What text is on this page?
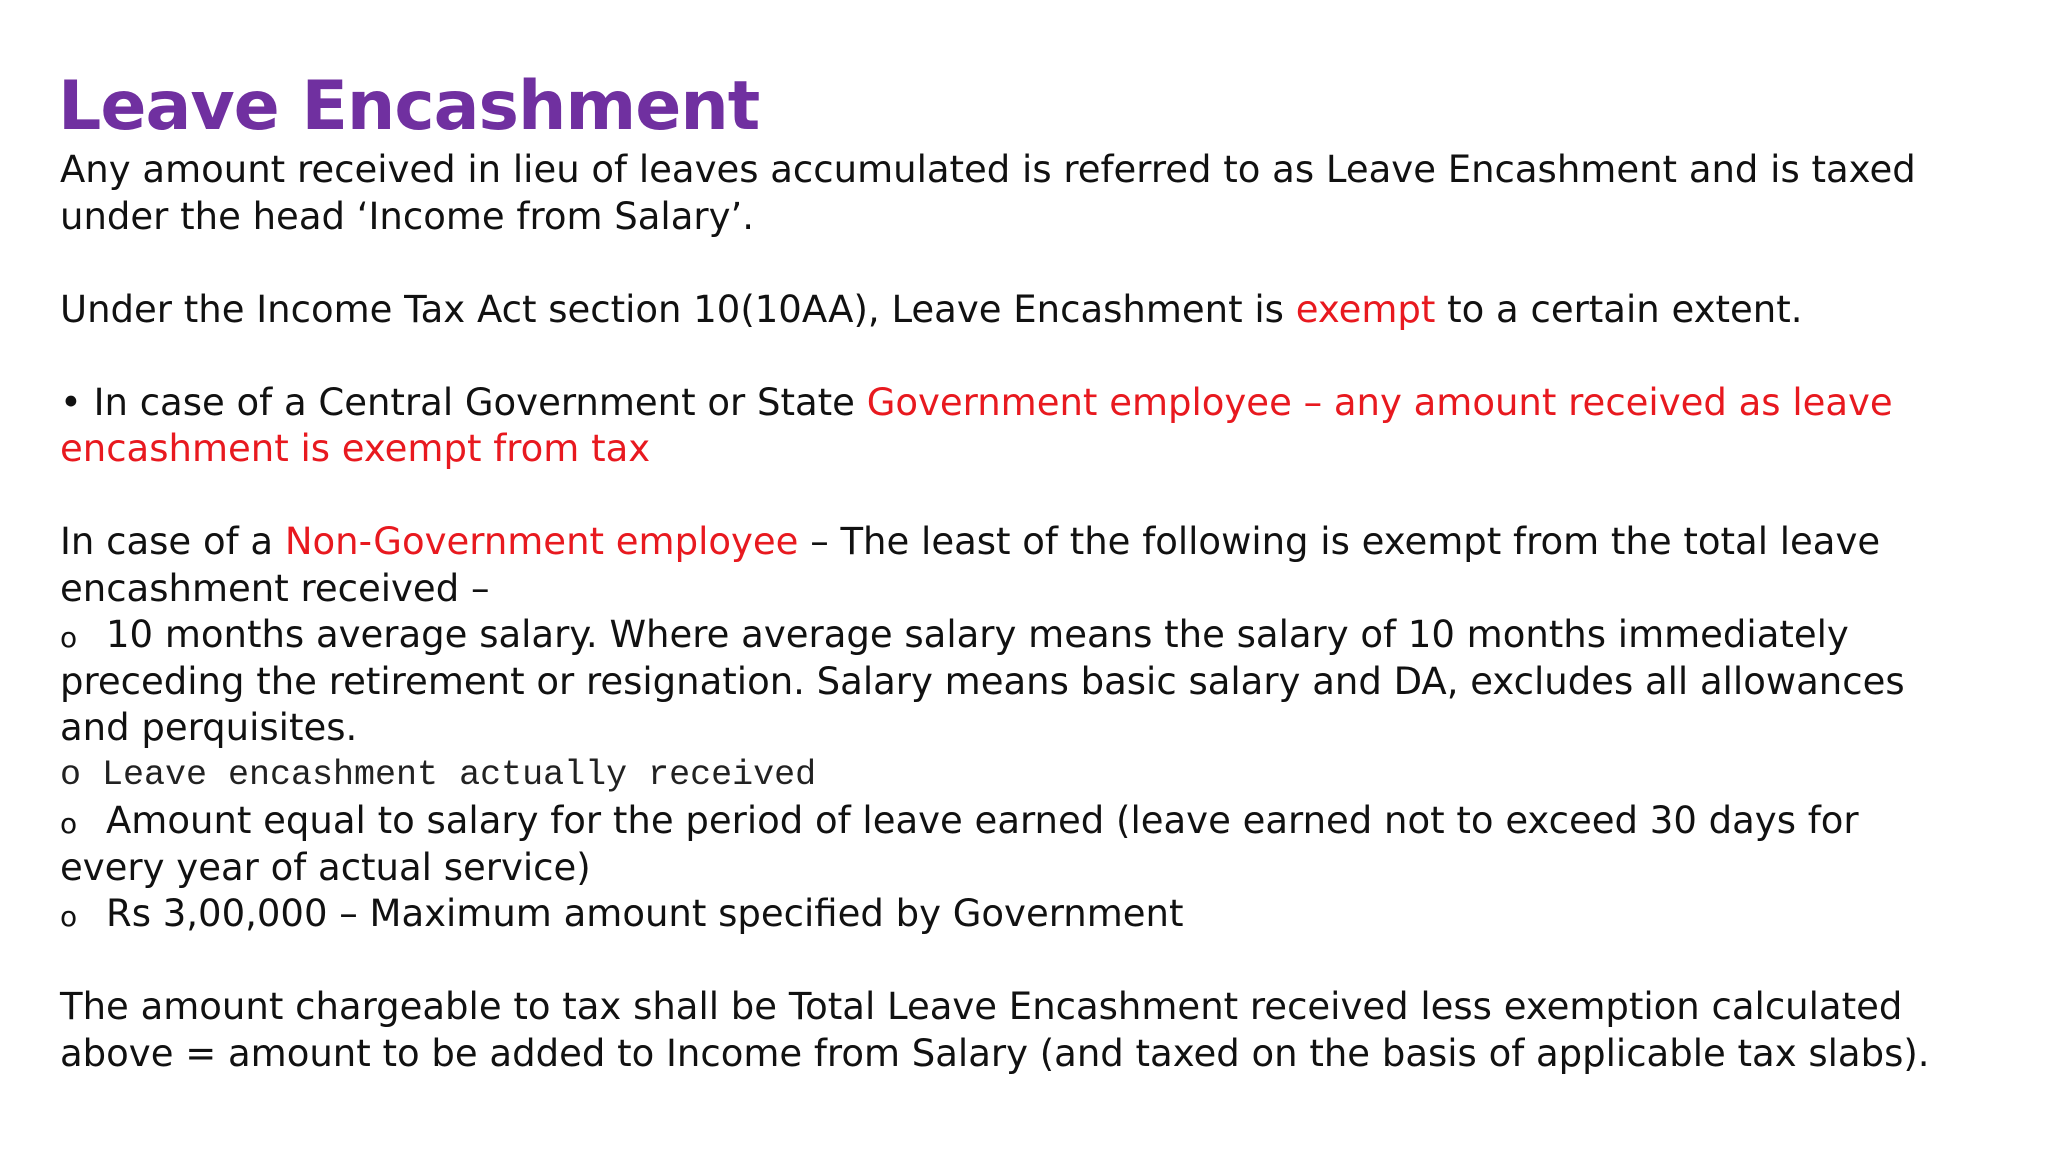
Leave Encashment
Any amount received in lieu of leaves accumulated is referred to as Leave Encashment and is taxed
under the head ‘Income from Salary’.
Under the Income Tax Act section 10(10AA), Leave Encashment is exempt to a certain extent.
• In case of a Central Government or State Government employee – any amount received as leave
encashment is exempt from tax
In case of a Non-Government employee – The least of the following is exempt from the total leave
encashment received –
o 10 months average salary. Where average salary means the salary of 10 months immediately
preceding the retirement or resignation. Salary means basic salary and DA, excludes all allowances
and perquisites.
o Leave encashment actually received
o Amount equal to salary for the period of leave earned (leave earned not to exceed 30 days for
every year of actual service)
o Rs 3,00,000 – Maximum amount specified by Government
The amount chargeable to tax shall be Total Leave Encashment received less exemption calculated
above = amount to be added to Income from Salary (and taxed on the basis of applicable tax slabs).
